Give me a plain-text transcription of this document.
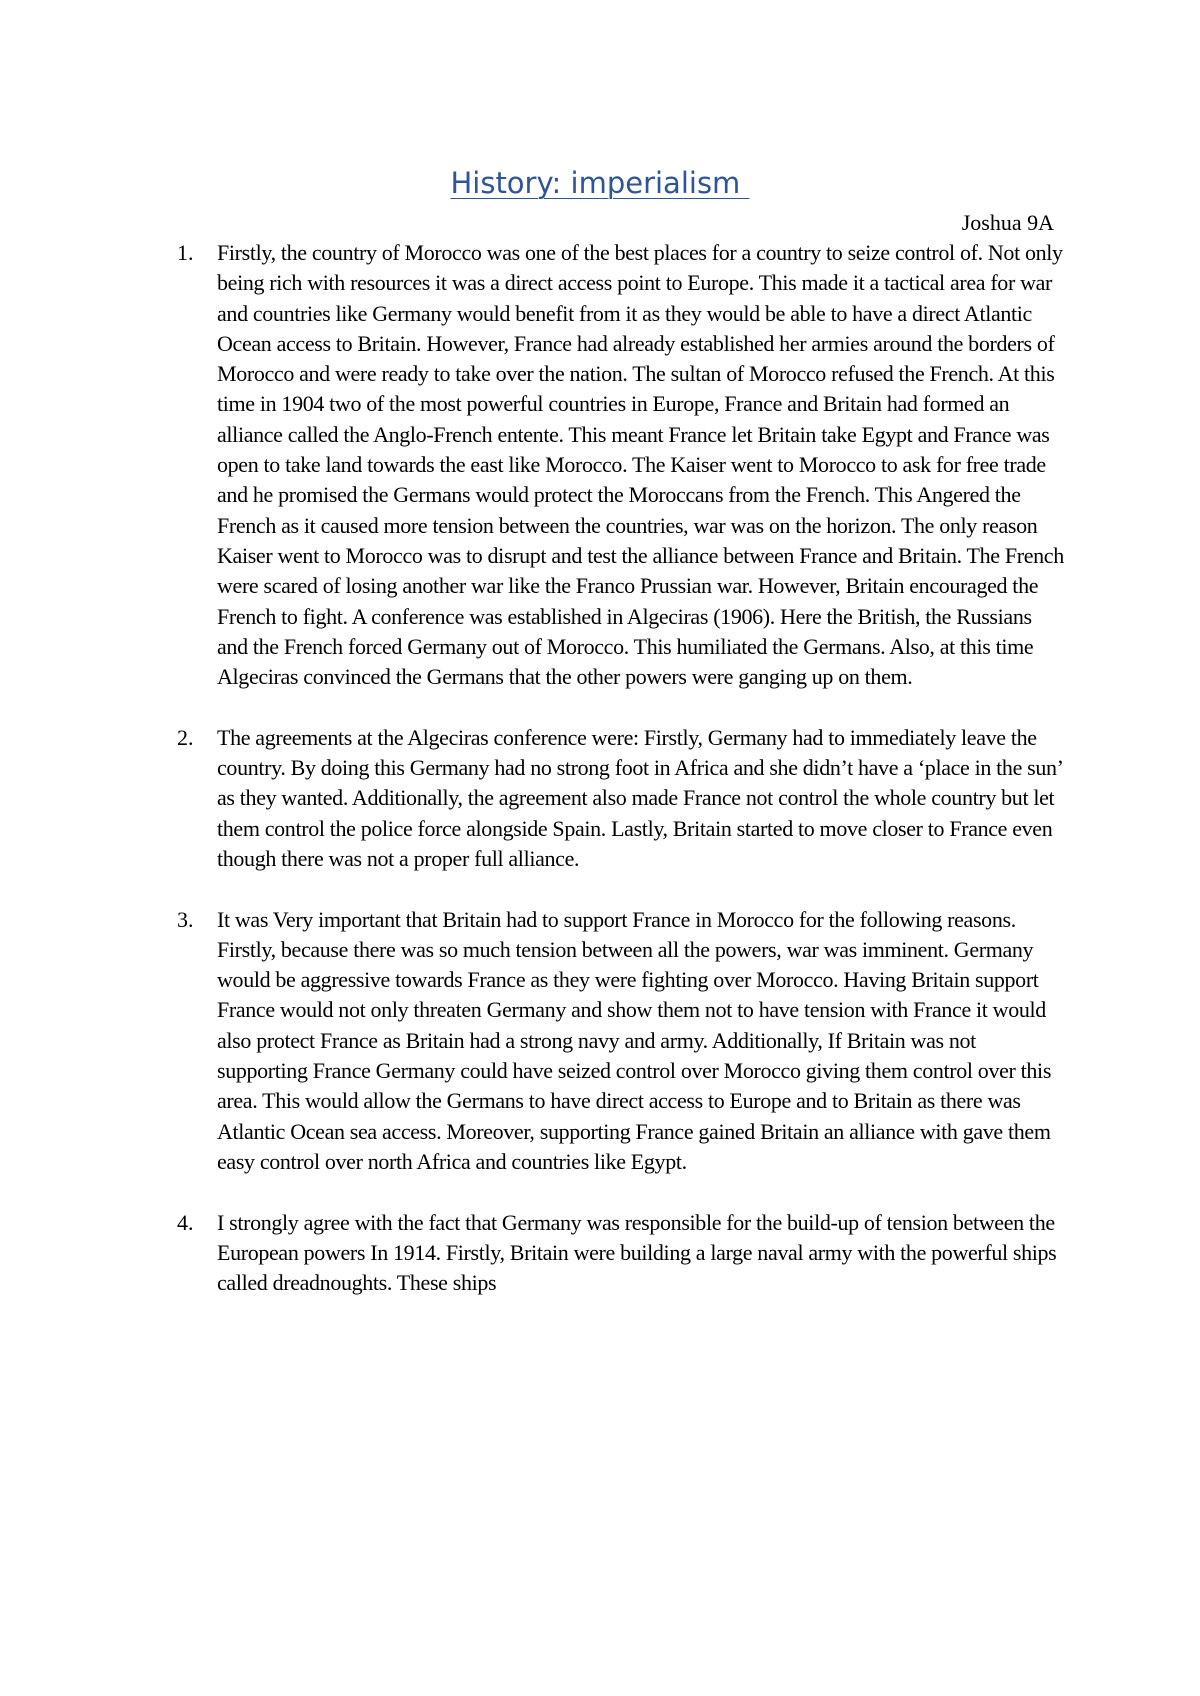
History: imperialism

Joshua 9A

1.	Firstly, the country of Morocco was one of the best places for a country to seize control of. Not only being rich with resources it was a direct access point to Europe. This made it a tactical area for war and countries like Germany would benefit from it as they would be able to have a direct Atlantic Ocean access to Britain. However, France had already established her armies around the borders of Morocco and were ready to take over the nation. The sultan of Morocco refused the French. At this time in 1904 two of the most powerful countries in Europe, France and Britain had formed an alliance called the Anglo-French entente. This meant France let Britain take Egypt and France was open to take land towards the east like Morocco. The Kaiser went to Morocco to ask for free trade and he promised the Germans would protect the Moroccans from the French. This Angered the French as it caused more tension between the countries, war was on the horizon. The only reason Kaiser went to Morocco was to disrupt and test the alliance between France and Britain. The French were scared of losing another war like the Franco Prussian war. However, Britain encouraged the French to fight. A conference was established in Algeciras (1906). Here the British, the Russians and the French forced Germany out of Morocco. This humiliated the Germans. Also, at this time Algeciras convinced the Germans that the other powers were ganging up on them.
2.	The agreements at the Algeciras conference were: Firstly, Germany had to immediately leave the country. By doing this Germany had no strong foot in Africa and she didn’t have a ‘place in the sun’ as they wanted. Additionally, the agreement also made France not control the whole country but let them control the police force alongside Spain. Lastly, Britain started to move closer to France even though there was not a proper full alliance.
3.	It was Very important that Britain had to support France in Morocco for the following reasons. Firstly, because there was so much tension between all the powers, war was imminent. Germany would be aggressive towards France as they were fighting over Morocco. Having Britain support France would not only threaten Germany and show them not to have tension with France it would also protect France as Britain had a strong navy and army. Additionally, If Britain was not supporting France Germany could have seized control over Morocco giving them control over this area. This would allow the Germans to have direct access to Europe and to Britain as there was Atlantic Ocean sea access. Moreover, supporting France gained Britain an alliance with gave them easy control over north Africa and countries like Egypt.
4.	I strongly agree with the fact that Germany was responsible for the build-up of tension between the European powers In 1914. Firstly, Britain were building a large naval army with the powerful ships called dreadnoughts. These ships
